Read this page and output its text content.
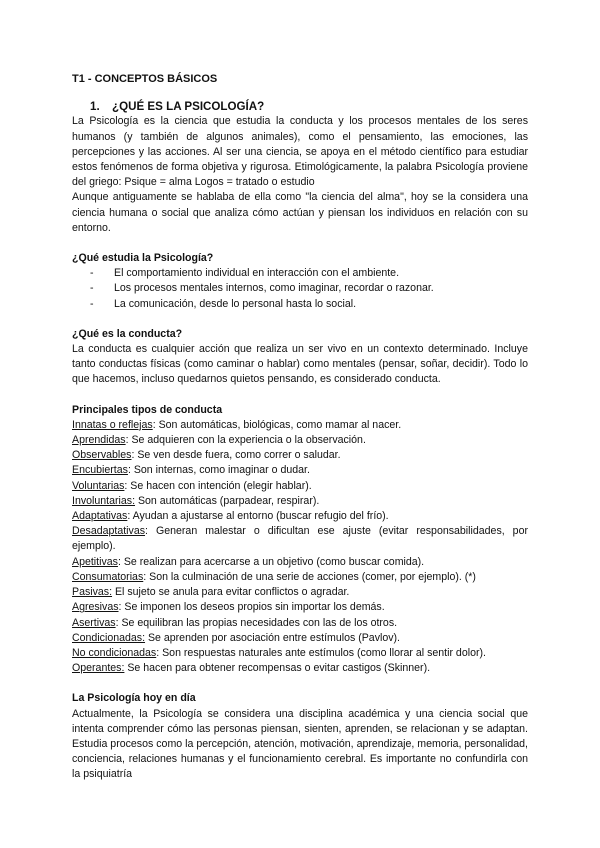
T1 - CONCEPTOS BÁSICOS
1.	¿QUÉ ES LA PSICOLOGÍA?

La Psicología es la ciencia que estudia la conducta y los procesos mentales de los seres humanos (y también de algunos animales), como el pensamiento, las emociones, las percepciones y las acciones. Al ser una ciencia, se apoya en el método científico para estudiar estos fenómenos de forma objetiva y rigurosa. Etimológicamente, la palabra Psicología proviene del griego: Psique = alma Logos = tratado o estudio

Aunque antiguamente se hablaba de ella como "la ciencia del alma", hoy se la considera una ciencia humana o social que analiza cómo actúan y piensan los individuos en relación con su entorno.

¿Qué estudia la Psicología?
-	El comportamiento individual en interacción con el ambiente.
-	Los procesos mentales internos, como imaginar, recordar o razonar.
-	La comunicación, desde lo personal hasta lo social.
¿Qué es la conducta?

La conducta es cualquier acción que realiza un ser vivo en un contexto determinado. Incluye tanto conductas físicas (como caminar o hablar) como mentales (pensar, soñar, decidir). Todo lo que hacemos, incluso quedarnos quietos pensando, es considerado conducta.

Principales tipos de conducta
Innatas o reflejas: Son automáticas, biológicas, como mamar al nacer.
Aprendidas: Se adquieren con la experiencia o la observación.
Observables: Se ven desde fuera, como correr o saludar.
Encubiertas: Son internas, como imaginar o dudar.
Voluntarias: Se hacen con intención (elegir hablar).
Involuntarias: Son automáticas (parpadear, respirar).
Adaptativas: Ayudan a ajustarse al entorno (buscar refugio del frío).
Desadaptativas: Generan malestar o dificultan ese ajuste (evitar responsabilidades, por ejemplo).
Apetitivas: Se realizan para acercarse a un objetivo (como buscar comida).
Consumatorias: Son la culminación de una serie de acciones (comer, por ejemplo). (*)
Pasivas: El sujeto se anula para evitar conflictos o agradar.
Agresivas: Se imponen los deseos propios sin importar los demás.
Asertivas: Se equilibran las propias necesidades con las de los otros.
Condicionadas: Se aprenden por asociación entre estímulos (Pavlov).
No condicionadas: Son respuestas naturales ante estímulos (como llorar al sentir dolor).
Operantes: Se hacen para obtener recompensas o evitar castigos (Skinner).
La Psicología hoy en día

Actualmente, la Psicología se considera una disciplina académica y una ciencia social que intenta comprender cómo las personas piensan, sienten, aprenden, se relacionan y se adaptan. Estudia procesos como la percepción, atención, motivación, aprendizaje, memoria, personalidad, conciencia, relaciones humanas y el funcionamiento cerebral. Es importante no confundirla con la psiquiatría
